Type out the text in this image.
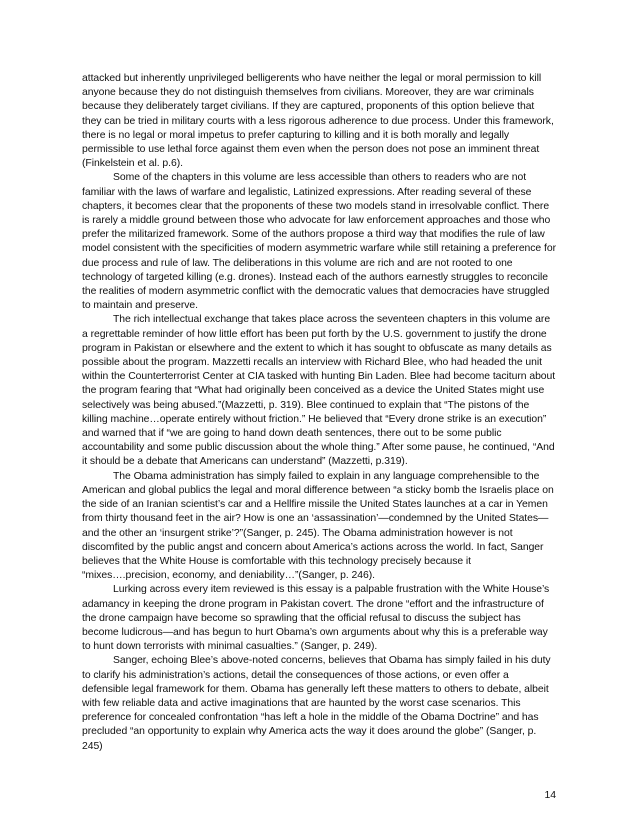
attacked but inherently unprivileged belligerents who have neither the legal or moral permission to kill anyone because they do not distinguish themselves from civilians. Moreover, they are war criminals because they deliberately target civilians. If they are captured, proponents of this option believe that they can be tried in military courts with a less rigorous adherence to due process. Under this framework, there is no legal or moral impetus to prefer capturing to killing and it is both morally and legally permissible to use lethal force against them even when the person does not pose an imminent threat (Finkelstein et al. p.6).

Some of the chapters in this volume are less accessible than others to readers who are not familiar with the laws of warfare and legalistic, Latinized expressions. After reading several of these chapters, it becomes clear that the proponents of these two models stand in irresolvable conflict. There is rarely a middle ground between those who advocate for law enforcement approaches and those who prefer the militarized framework. Some of the authors propose a third way that modifies the rule of law model consistent with the specificities of modern asymmetric warfare while still retaining a preference for due process and rule of law. The deliberations in this volume are rich and are not rooted to one technology of targeted killing (e.g. drones). Instead each of the authors earnestly struggles to reconcile the realities of modern asymmetric conflict with the democratic values that democracies have struggled to maintain and preserve.

The rich intellectual exchange that takes place across the seventeen chapters in this volume are a regrettable reminder of how little effort has been put forth by the U.S. government to justify the drone program in Pakistan or elsewhere and the extent to which it has sought to obfuscate as many details as possible about the program. Mazzetti recalls an interview with Richard Blee, who had headed the unit within the Counterterrorist Center at CIA tasked with hunting Bin Laden. Blee had become taciturn about the program fearing that “What had originally been conceived as a device the United States might use selectively was being abused.”(Mazzetti, p. 319). Blee continued to explain that “The pistons of the killing machine…operate entirely without friction.” He believed that “Every drone strike is an execution” and warned that if “we are going to hand down death sentences, there out to be some public accountability and some public discussion about the whole thing.” After some pause, he continued, “And it should be a debate that Americans can understand” (Mazzetti, p.319).

The Obama administration has simply failed to explain in any language comprehensible to the American and global publics the legal and moral difference between “a sticky bomb the Israelis place on the side of an Iranian scientist’s car and a Hellfire missile the United States launches at a car in Yemen from thirty thousand feet in the air? How is one an ‘assassination’—condemned by the United States—and the other an ‘insurgent strike’?”(Sanger, p. 245). The Obama administration however is not discomfited by the public angst and concern about America’s actions across the world. In fact, Sanger believes that the White House is comfortable with this technology precisely because it “mixes….precision, economy, and deniability…”(Sanger, p. 246).

Lurking across every item reviewed is this essay is a palpable frustration with the White House’s adamancy in keeping the drone program in Pakistan covert. The drone “effort and the infrastructure of the drone campaign have become so sprawling that the official refusal to discuss the subject has become ludicrous—and has begun to hurt Obama’s own arguments about why this is a preferable way to hunt down terrorists with minimal casualties.” (Sanger, p. 249).

Sanger, echoing Blee’s above-noted concerns, believes that Obama has simply failed in his duty to clarify his administration’s actions, detail the consequences of those actions, or even offer a defensible legal framework for them. Obama has generally left these matters to others to debate, albeit with few reliable data and active imaginations that are haunted by the worst case scenarios. This preference for concealed confrontation “has left a hole in the middle of the Obama Doctrine” and has precluded “an opportunity to explain why America acts the way it does around the globe” (Sanger, p. 245)

14
